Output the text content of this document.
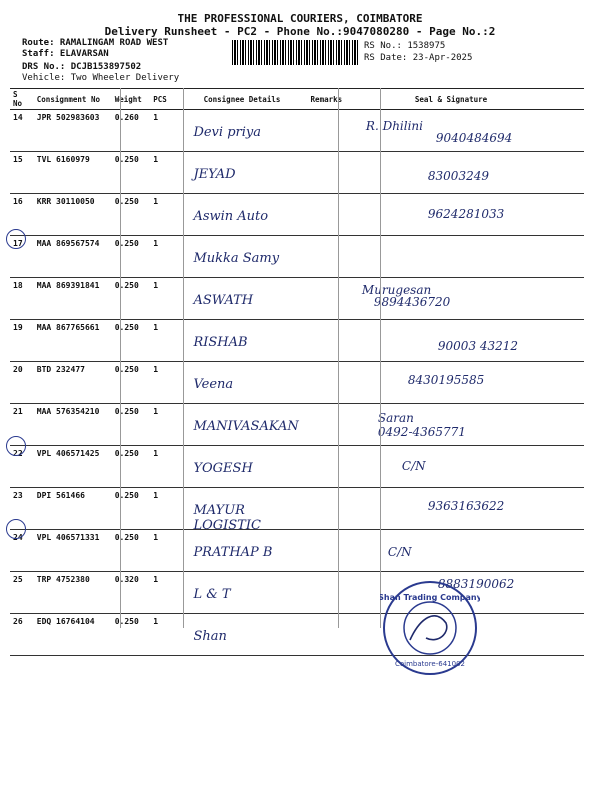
THE PROFESSIONAL COURIERS, COIMBATORE
Delivery Runsheet - PC2 - Phone No.:9047080280 - Page No.:2
Route: RAMALINGAM ROAD WEST
Staff: ELAVARSAN
DRS No.: DCJB153897502
Vehicle: Two Wheeler Delivery
RS No.: 1538975
RS Date: 23-Apr-2025
S No	Consignment No	Weight	PCS	Consignee Details	Remarks	Seal & Signature
14	JPR 502983603	0.260	1	Devi priya		R. Dhilini
9040484694

15	TVL 6160979	0.250	1	JEYAD		83003249

16	KRR 30110050	0.250	1	Aswin Auto		9624281033

17	MAA 869567574	0.250	1	Mukka Samy		

18	MAA 869391841	0.250	1	ASWATH		Murugesan
9894436720

19	MAA 867765661	0.250	1	RISHAB		90003 43212

20	BTD 232477	0.250	1	Veena		8430195585

21	MAA 576354210	0.250	1	MANIVASAKAN		Saran
0492-4365771

22	VPL 406571425	0.250	1	YOGESH		C/N

23	DPI 561466	0.250	1	MAYUR LOGISTIC		9363163622

24	VPL 406571331	0.250	1	PRATHAP B		C/N

25	TRP 4752380	0.320	1	L & T		8883190062

26	EDQ 16764104	0.250	1	Shan		

Shan Trading Company
Coimbatore-641002
